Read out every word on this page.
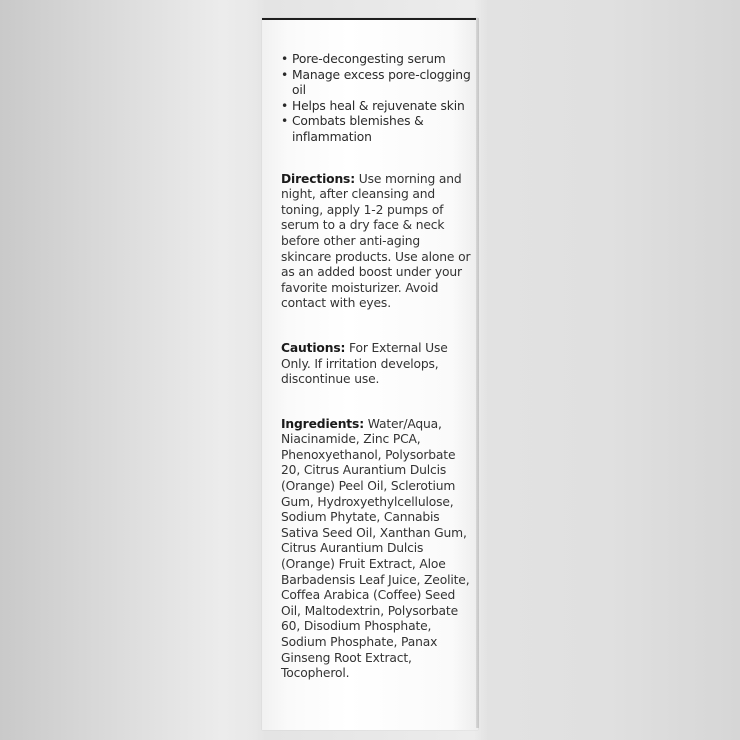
• Pore-decongesting serum
• Manage excess pore-clogging oil
• Helps heal & rejuvenate skin
• Combats blemishes & inflammation
Directions: Use morning and night, after cleansing and toning, apply 1-2 pumps of serum to a dry face & neck before other anti-aging skincare products. Use alone or as an added boost under your favorite moisturizer. Avoid contact with eyes.
Cautions: For External Use Only. If irritation develops, discontinue use.
Ingredients: Water/Aqua, Niacinamide, Zinc PCA, Phenoxyethanol, Polysorbate 20, Citrus Aurantium Dulcis (Orange) Peel Oil, Sclerotium Gum, Hydroxyethylcellulose, Sodium Phytate, Cannabis Sativa Seed Oil, Xanthan Gum, Citrus Aurantium Dulcis (Orange) Fruit Extract, Aloe Barbadensis Leaf Juice, Zeolite, Coffea Arabica (Coffee) Seed Oil, Maltodextrin, Polysorbate 60, Disodium Phosphate, Sodium Phosphate, Panax Ginseng Root Extract, Tocopherol.
